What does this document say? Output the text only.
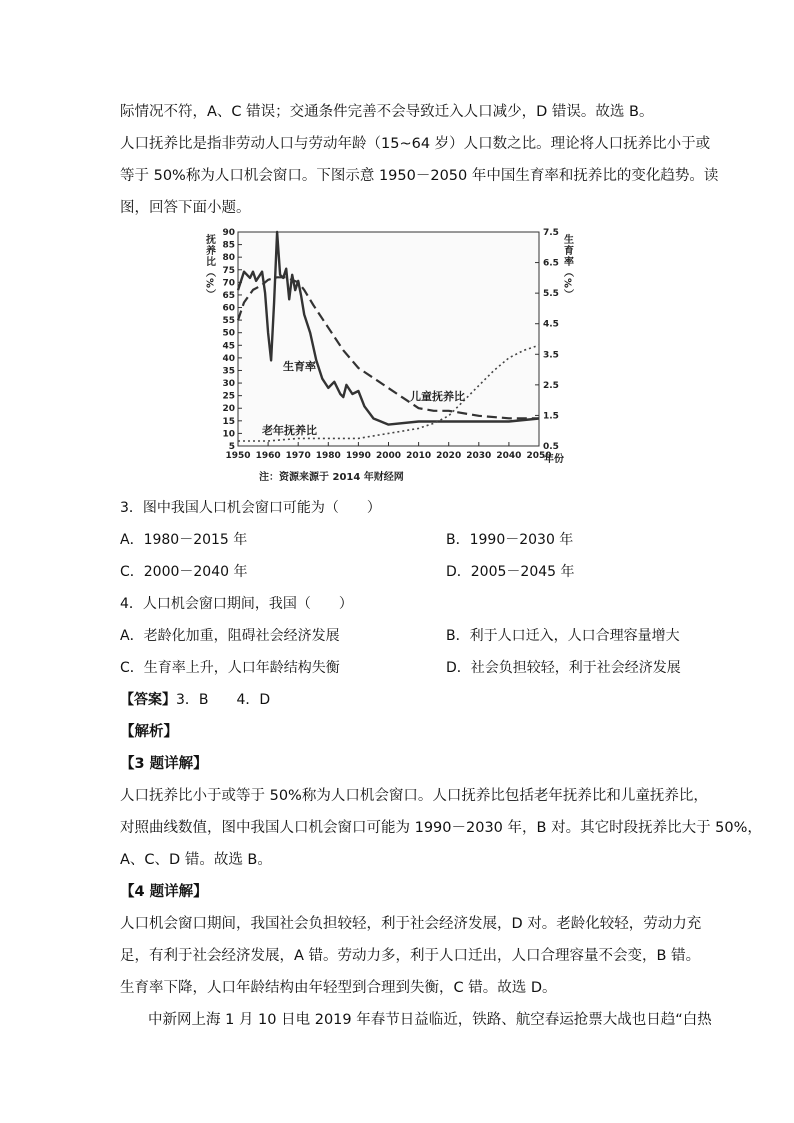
际情况不符，A、C 错误；交通条件完善不会导致迁入人口减少，D 错误。故选 B。
人口抚养比是指非劳动人口与劳动年龄（15~64 岁）人口数之比。理论将人口抚养比小于或
等于 50%称为人口机会窗口。下图示意 1950－2050 年中国生育率和抚养比的变化趋势。读
图，回答下面小题。
1950 1960 1970 1980 1990 2000 2010 2020 2030 2040 2050
5
10
15
20
25
30
35
40
45
50
55
60
65
70
75
80
85
90
0.5
1.5
2.5
3.5
4.5
5.5
6.5
7.5
生育率
儿童抚养比
老年抚养比
年份
注：资源来源于 2014 年财经网
抚养比（%）	生育率（%）
3．图中我国人口机会窗口可能为（　　）
A．1980－2015 年	B．1990－2030 年
C．2000－2040 年	D．2005－2045 年
4．人口机会窗口期间，我国（　　）
A．老龄化加重，阻碍社会经济发展	B．利于人口迁入，人口合理容量增大
C．生育率上升，人口年龄结构失衡	D．社会负担较轻，利于社会经济发展
【答案】3．B　　4．D
【解析】
【3 题详解】
人口抚养比小于或等于 50%称为人口机会窗口。人口抚养比包括老年抚养比和儿童抚养比，
对照曲线数值，图中我国人口机会窗口可能为 1990－2030 年，B 对。其它时段抚养比大于 50%，
A、C、D 错。故选 B。
【4 题详解】
人口机会窗口期间，我国社会负担较轻，利于社会经济发展，D 对。老龄化较轻，劳动力充
足，有利于社会经济发展，A 错。劳动力多，利于人口迁出，人口合理容量不会变，B 错。
生育率下降，人口年龄结构由年轻型到合理到失衡，C 错。故选 D。
中新网上海 1 月 10 日电 2019 年春节日益临近，铁路、航空春运抢票大战也日趋“白热
